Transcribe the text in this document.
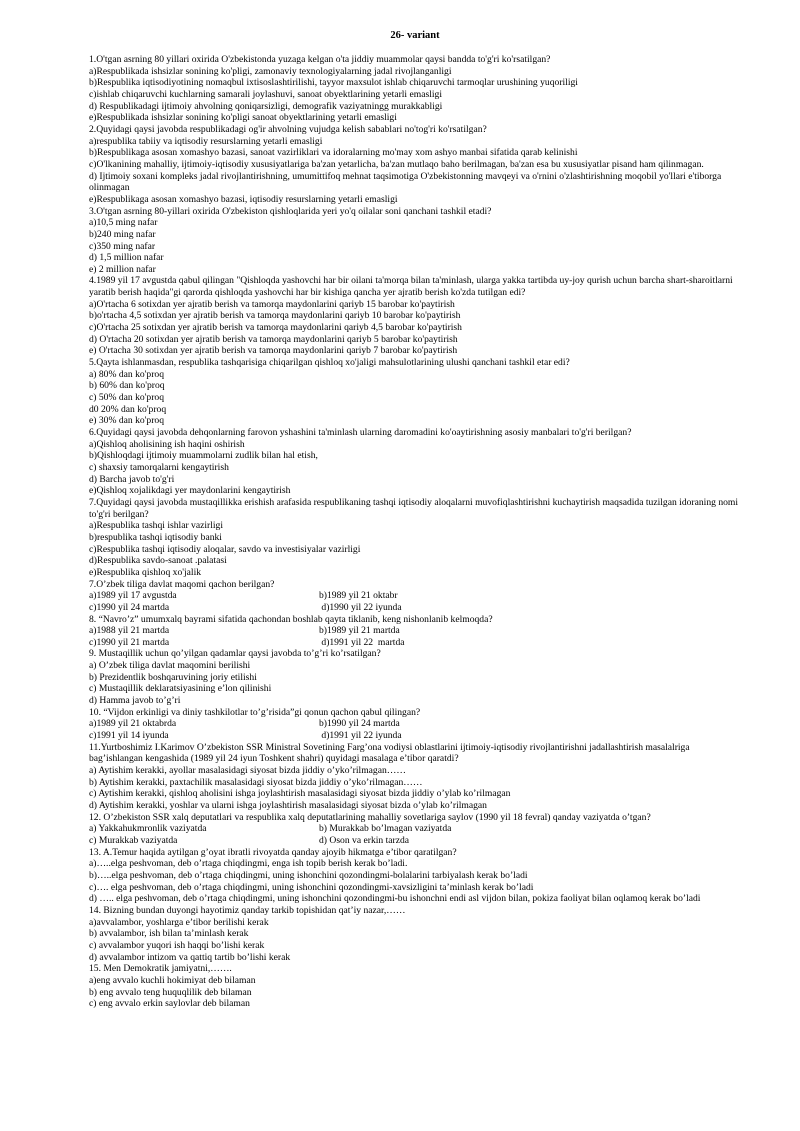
26- variant
1.O'tgan asrning 80 yillari oxirida O'zbekistonda yuzaga kelgan o'ta jiddiy muammolar qaysi bandda to'g'ri ko'rsatilgan?
a)Respublikada ishsizlar sonining ko'pligi, zamonaviy texnologiyalarning jadal rivojlanganligi
b)Respublika iqtisodiyotining nomaqbul ixtisoslashtirilishi, tayyor maxsulot ishlab chiqaruvchi tarmoqlar urushining yuqoriligi
c)ishlab chiqaruvchi kuchlarning samarali joylashuvi, sanoat obyektlarining yetarli emasligi
d) Respublikadagi ijtimoiy ahvolning qoniqarsizligi, demografik vaziyatningg murakkabligi
e)Respublikada ishsizlar sonining ko'pligi sanoat obyektlarining yetarli emasligi
2.Quyidagi qaysi javobda respublikadagi og'ir ahvolning vujudga kelish sabablari no'tog'ri ko'rsatilgan?
a)respublika tabiiy va iqtisodiy resurslarning yetarli emasligi
b)Respublikaga asosan xomashyo bazasi, sanoat vazirliklari va idoralarning mo'may xom ashyo manbai sifatida qarab kelinishi
c)O'lkanining mahalliy, ijtimoiy-iqtisodiy xususiyatlariga ba'zan yetarlicha, ba'zan mutlaqo baho berilmagan, ba'zan esa bu xususiyatlar pisand ham qilinmagan.
d) Ijtimoiy soxani kompleks jadal rivojlantirishning, umumittifoq mehnat taqsimotiga O'zbekistonning mavqeyi va o'rnini o'zlashtirishning moqobil yo'llari e'tiborga olinmagan
e)Respublikaga asosan xomashyo bazasi, iqtisodiy resurslarning yetarli emasligi
3.O'tgan asrning 80-yillari oxirida O'zbekiston qishloqlarida yeri yo'q oilalar soni qanchani tashkil etadi?
a)10,5 ming nafar
b)240 ming nafar
c)350 ming nafar
d) 1,5 million nafar
e) 2 million nafar
4.1989 yil 17 avgustda qabul qilingan "Qishloqda yashovchi har bir oilani ta'morqa bilan ta'minlash, ularga yakka tartibda uy-joy qurish uchun barcha shart-sharoitlarni yaratib berish haqida"gi qarorda qishloqda yashovchi har bir kishiga qancha yer ajratib berish ko'zda tutilgan edi?
a)O'rtacha 6 sotixdan yer ajratib berish va tamorqa maydonlarini qariyb 15 barobar ko'paytirish
b)o'rtacha 4,5 sotixdan yer ajratib berish va tamorqa maydonlarini qariyb 10 barobar ko'paytirish
c)O'rtacha 25 sotixdan yer ajratib berish va tamorqa maydonlarini qariyb 4,5 barobar ko'paytirish
d) O'rtacha 20 sotixdan yer ajratib berish va tamorqa maydonlarini qariyb 5 barobar ko'paytirish
e) O'rtacha 30 sotixdan yer ajratib berish va tamorqa maydonlarini qariyb 7 barobar ko'paytirish
5.Qayta ishlanmasdan, respublika tashqarisiga chiqarilgan qishloq xo'jaligi mahsulotlarining ulushi qanchani tashkil etar edi?
a) 80% dan ko'proq
b) 60% dan ko'proq
c) 50% dan ko'proq
d0 20% dan ko'proq
e) 30% dan ko'proq
6.Quyidagi qaysi javobda dehqonlarning farovon yshashini ta'minlash ularning daromadini ko'oaytirishning asosiy manbalari to'g'ri berilgan?
a)Qishloq aholisining ish haqini oshirish
b)Qishloqdagi ijtimoiy muammolarni zudlik bilan hal etish,
c) shaxsiy tamorqalarni kengaytirish
d) Barcha javob to'g'ri
e)Qishloq xojalikdagi yer maydonlarini kengaytirish
7.Quyidagi qaysi javobda mustaqillikka erishish arafasida respublikaning tashqi iqtisodiy aloqalarni muvofiqlashtirishni kuchaytirish maqsadida tuzilgan idoraning nomi to'g'ri berilgan?
a)Respublika tashqi ishlar vazirligi
b)respublika tashqi iqtisodiy banki
c)Respublika tashqi iqtisodiy aloqalar, savdo va investisiyalar vazirligi
d)Respublika savdo-sanoat .palatasi
e)Respublika qishloq xo'jalik
7.O’zbek tiliga davlat maqomi qachon berilgan?
a)1989 yil 17 avgustda	b)1989 yil 21 oktabr
c)1990 yil 24 martda	d)1990 yil 22 iyunda
8. “Navro’z” umumxalq bayrami sifatida qachondan boshlab qayta tiklanib, keng nishonlanib kelmoqda?
a)1988 yil 21 martda	b)1989 yil 21 martda
c)1990 yil 21 martda	d)1991 yil 22  martda
9. Mustaqillik uchun qo’yilgan qadamlar qaysi javobda to’g’ri ko’rsatilgan?
a) O’zbek tiliga davlat maqomini berilishi
b) Prezidentlik boshqaruvining joriy etilishi
c) Mustaqillik deklaratsiyasining e’lon qilinishi
d) Hamma javob to’g’ri
10. “Vijdon erkinligi va diniy tashkilotlar to’g’risida”gi qonun qachon qabul qilingan?
a)1989 yil 21 oktabrda	b)1990 yil 24 martda
c)1991 yil 14 iyunda	d)1991 yil 22 iyunda
11.Yurtboshimiz I.Karimov O’zbekiston SSR Ministral Sovetining Farg’ona vodiysi oblastlarini ijtimoiy-iqtisodiy rivojlantirishni jadallashtirish masalalriga bag’ishlangan kengashida (1989 yil 24 iyun Toshkent shahri) quyidagi masalaga e’tibor qaratdi?
a) Aytishim kerakki, ayollar masalasidagi siyosat bizda jiddiy o’yko’rilmagan……
b) Aytishim kerakki, paxtachilik masalasidagi siyosat bizda jiddiy o’yko’rilmagan……
c) Aytishim kerakki, qishloq aholisini ishga joylashtirish masalasidagi siyosat bizda jiddiy o’ylab ko’rilmagan
d) Aytishim kerakki, yoshlar va ularni ishga joylashtirish masalasidagi siyosat bizda o’ylab ko’rilmagan
12. O’zbekiston SSR xalq deputatlari va respublika xalq deputatlarining mahalliy sovetlariga saylov (1990 yil 18 fevral) qanday vaziyatda o’tgan?
a) Yakkahukmronlik vaziyatda	b) Murakkab bo’lmagan vaziyatda
c) Murakkab vaziyatda	d) Oson va erkin tarzda
13. A.Temur haqida aytilgan g’oyat ibratli rivoyatda qanday ajoyib hikmatga e’tibor qaratilgan?
a)…..elga peshvoman, deb o’rtaga chiqdingmi, enga ish topib berish kerak bo’ladi.
b)…..elga peshvoman, deb o’rtaga chiqdingmi, uning ishonchini qozondingmi-bolalarini tarbiyalash kerak bo’ladi
c)…. elga peshvoman, deb o’rtaga chiqdingmi, uning ishonchini qozondingmi-xavsizligini ta’minlash kerak bo’ladi
d) ….. elga peshvoman, deb o’rtaga chiqdingmi, uning ishonchini qozondingmi-bu ishonchni endi asl vijdon bilan, pokiza faoliyat bilan oqlamoq kerak bo’ladi
14. Bizning bundan duyongi hayotimiz qanday tarkib topishidan qat’iy nazar,……
a)avvalambor, yoshlarga e’tibor berilishi kerak
b) avvalambor, ish bilan ta’minlash kerak
c) avvalambor yuqori ish haqqi bo’lishi kerak
d) avvalambor intizom va qattiq tartib bo’lishi kerak
15. Men Demokratik jamiyatni,…….
a)eng avvalo kuchli hokimiyat deb bilaman
b) eng avvalo teng huquqlilik deb bilaman
c) eng avvalo erkin saylovlar deb bilaman
